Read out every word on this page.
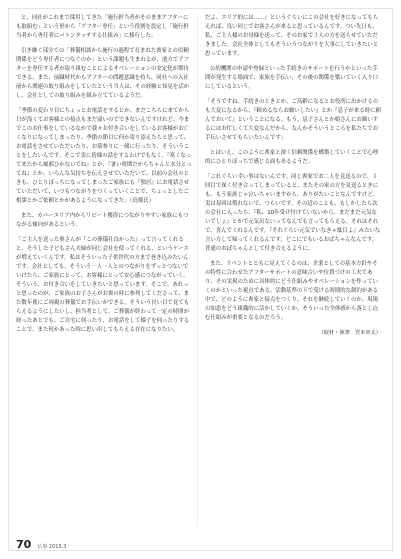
と、同社がこれまで採用してきた「施行担当者がそのままアフターにも取組む」という形から「アフター専任」という役割を設定し「施行担当者から専任者にバトンタッチする仕組み」に移行した。

引き継ぐ部分での「葬儀相談から施行の過程で育まれた喪家との信頼関係をどう専任者につなぐのか」という課題も生まれるが、池方でアフターを専任する者が取り組むことによるオペレーションの安定化が期待できる。また、前職時代からアフターの問題意識を持ち、同社への入社前から関連の取り組みをしていたという当人は、その経験と知見を活かし、会社としての取り組みを組み立てているようだ。

「季節の変わり目にちょっとお電話をするとか、まだこちらに来てから日が浅くてお客様との接点もまだ弱いのでできないんですけれど、今までこのお仕事をしているなかで我々お付き合いをしているお客様がお亡くなりになってしまったり、季節の節目に何か寄り添えたらと思って、お電話をさせていただいたり、お墓参りに一緒に行ったり、そういうことをしたいんです。そこで実に皆様の話をするわけでもなく、『寒くなって来たから風邪ひかないでね』とか、『暑い時期だからちゃんと水分とってね』とか、いろんな気持ちを伝えさせていただいて、以前の会社のときも、ひとりぼっちになってしまったご家族にも『独居』にお電話させていただいて、いつもつながりをつくっていくことで、ちょっとしたご相談とかご依頼とかがあるようになってきた」（鳥畑氏）

また、カバーエリア内からリピート獲得につながりやすい家族にもつながる傾向があるという。

「ご主人を送った奥さんが『この葬儀社良かった』って言ってくれると、そうした子どもさん夫婦が同じ会社を使ってくれる、というケースが増えていくんです。私はそういった子供世代の方まで巻き込みたいんです。会社としても、そういう一人一人とのつながりをずっとつないでいけたら、ご家族にとって、お客様にとって安心感につながっていく。そういう、お付き合いをしていきたいと思っています。そこで、あれっと思ったのが、ご家族のお子さんがお喪の時に参列してくださって、また数年後にご両親の葬儀でお手伝いができる。そういう長い目で見てもらえるようにしたいし、担当者として、ご葬儀が終わって一定の時間が経ったあとでも、ご自宅に伺ったり、お電話をして様子を伺ったりすることで、また何かあった時に思い出してもらえる存在になりたい。

だよ、エリア的には……』というぐらいにこの会社を好きになってもらえれば、良い同じでお客さんが来ると思っているんです。つい先日も、私、ご主人様のお母様を送って、そのお家で３人の方を送らせていただきました。会社全体としてもそういうつながりを大事にしていきたいと思っています。

公的機関の申請や登録といった手続きのサポートを行うかといった手間が発生する場面で、家族を手伝い、その後の関係を築いていく入り口にしているという。

「そうですね。手続きのときとか、ご高齢になるとお役所に出かけるのも大変になるから、『頼めるならお願いしたい』とか『息子が来る時に頼んでおいて』ということになる。もう、息子さんとか娘さんにお願いするにはお忙しくて大変なんだから、なんかそういうところを私たちでお手伝いさせてもらいたいんです」

とはいえ、このように喪家と深く信頼関係を構築していくことで心理的にひとりぼっちで感じる面もあるようだ。

「これぐらい幸い事はないんです。同じ喪家でお二人を見送るので、１回目で深く付き合ってしまっていると、またその家の方を見送るときにも、もう家族じゃ泣いちゃいますから。ありがたいことなんですけど、実は毎回は慣れないで、つらいです。その辺のことも、もしかしたら次の会社に入ったら、『私、10年受け付けていないから、まだまだ元気ないでしょ』とかで元気出ないってなんでも言ってもらえる。それはそれで、喜んでくれるんです。『それぐらい元気でいなきゃ駄目よ』みたいな言い方して帰ってくれるんです。どこにでもいるおばちゃんなんです。普通のおばちゃんとして付き合えるように。

また、リペントとともに見えてくるのは、企業としての基本方針やその特性に合わせたアフターサポートの意味合いや位置づけの工夫であり、その実現のために具体的にどう仕組みやオペレーションを作っていくのかといった視点である。活動基準の下で受ける時間的な制約がある中で、どのように喪家と接点をつくり、それを継続していくのか、現場の知恵をどう組織的に活かしていくか。そういった全体感から落とし込む仕組みが重要となるのだろう。

（取材・執筆　宮本章太）
70 仏事 2015.3
